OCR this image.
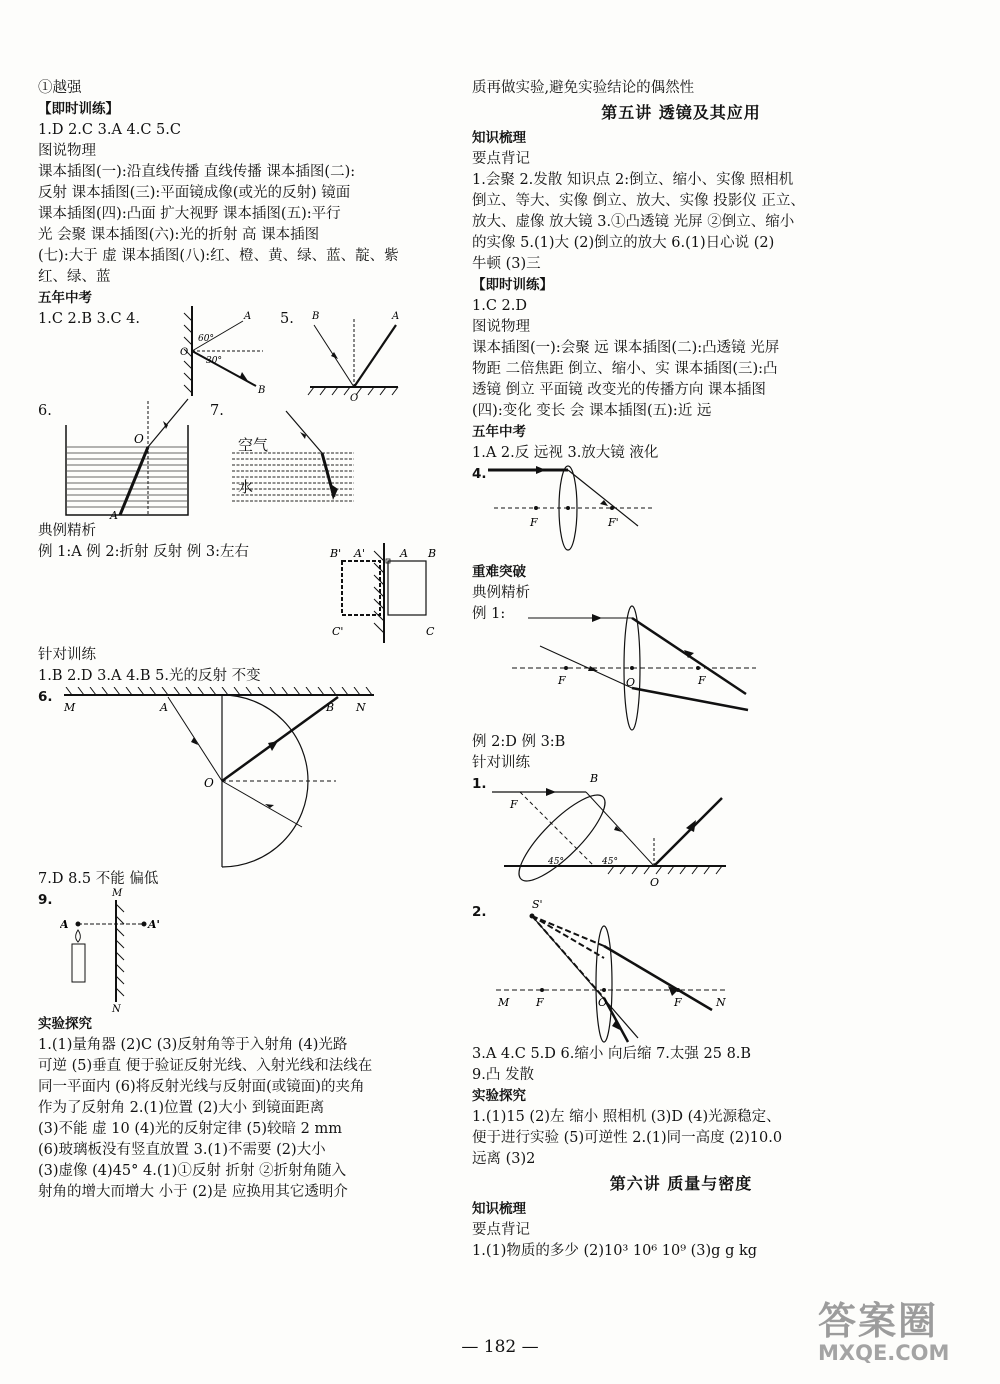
①越强
【即时训练】
1.D 2.C 3.A 4.C 5.C
图说物理
课本插图(一):沿直线传播 直线传播 课本插图(二):
反射 课本插图(三):平面镜成像(或光的反射) 镜面
课本插图(四):凸面 扩大视野 课本插图(五):平行
光 会聚 课本插图(六):光的折射 高 课本插图
(七):大于 虚 课本插图(八):红、橙、黄、绿、蓝、靛、紫
红、绿、蓝
五年中考
1.C 2.B 3.C 4.	A
B
O
60°
30°
5. B	A
O
6.
O
A
7.
空气
水
典例精析
例 1:A 例 2:折射 反射 例 3:左右	B' A'	A B
C'	C
针对训练
1.B 2.D 3.A 4.B 5.光的反射 不变
6.
M	A	B N
O
7.D 8.5 不能 偏低
9.	M
N
A	A'
实验探究
1.(1)量角器 (2)C (3)反射角等于入射角 (4)光路
可逆 (5)垂直 便于验证反射光线、入射光线和法线在
同一平面内 (6)将反射光线与反射面(或镜面)的夹角
作为了反射角 2.(1)位置 (2)大小 到镜面距离
(3)不能 虚 10 (4)光的反射定律 (5)较暗 2 mm
(6)玻璃板没有竖直放置 3.(1)不需要 (2)大小
(3)虚像 (4)45° 4.(1)①反射 折射 ②折射角随入
射角的增大而增大 小于 (2)是 应换用其它透明介
质再做实验,避免实验结论的偶然性
第五讲 透镜及其应用
知识梳理
要点背记
1.会聚 2.发散 知识点 2:倒立、缩小、实像 照相机
倒立、等大、实像 倒立、放大、实像 投影仪 正立、
放大、虚像 放大镜 3.①凸透镜 光屏 ②倒立、缩小
的实像 5.(1)大 (2)倒立的放大 6.(1)日心说 (2)
牛顿 (3)三
【即时训练】
1.C 2.D
图说物理
课本插图(一):会聚 远 课本插图(二):凸透镜 光屏
物距 二倍焦距 倒立、缩小、实 课本插图(三):凸
透镜 倒立 平面镜 改变光的传播方向 课本插图
(四):变化 变长 会 课本插图(五):近 远
五年中考
1.A 2.反 远视 3.放大镜 液化
4.
F	F'
重难突破
典例精析
例 1:
F	O	F
例 2:D 例 3:B
针对训练
1.	B
F
O
45°	45°
2.	S'
M F	O	F	N
3.A 4.C 5.D 6.缩小 向后缩 7.太强 25 8.B
9.凸 发散
实验探究
1.(1)15 (2)左 缩小 照相机 (3)D (4)光源稳定、
便于进行实验 (5)可逆性 2.(1)同一高度 (2)10.0
远离 (3)2
第六讲 质量与密度
知识梳理
要点背记
1.(1)物质的多少 (2)10³ 10⁶ 10⁹ (3)g g kg
— 182 —
答案圈
MXQE.COM
